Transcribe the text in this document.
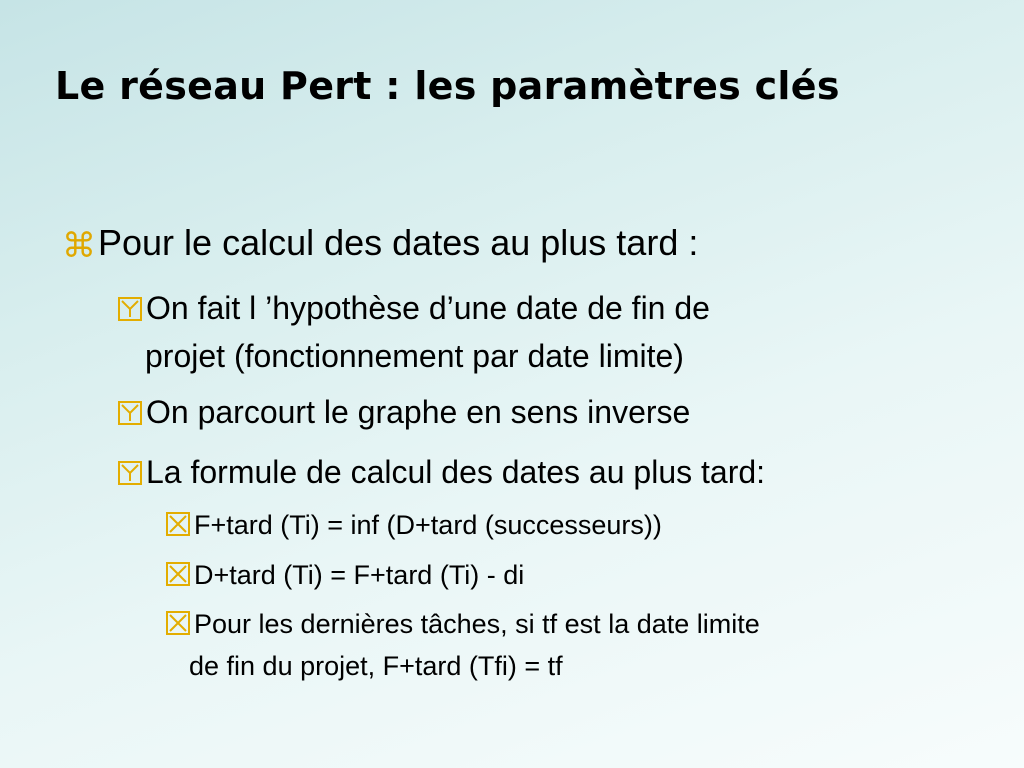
Le réseau Pert : les paramètres clés
⌘Pour le calcul des dates au plus tard :
On fait l ’hypothèse d’une date de fin de
projet (fonctionnement par date limite)
On parcourt le graphe en sens inverse
La formule de calcul des dates au plus tard:
F+tard (Ti) = inf (D+tard (successeurs))
D+tard (Ti) = F+tard (Ti) - di
Pour les dernières tâches, si tf est la date limite
de fin du projet, F+tard (Tfi) = tf
